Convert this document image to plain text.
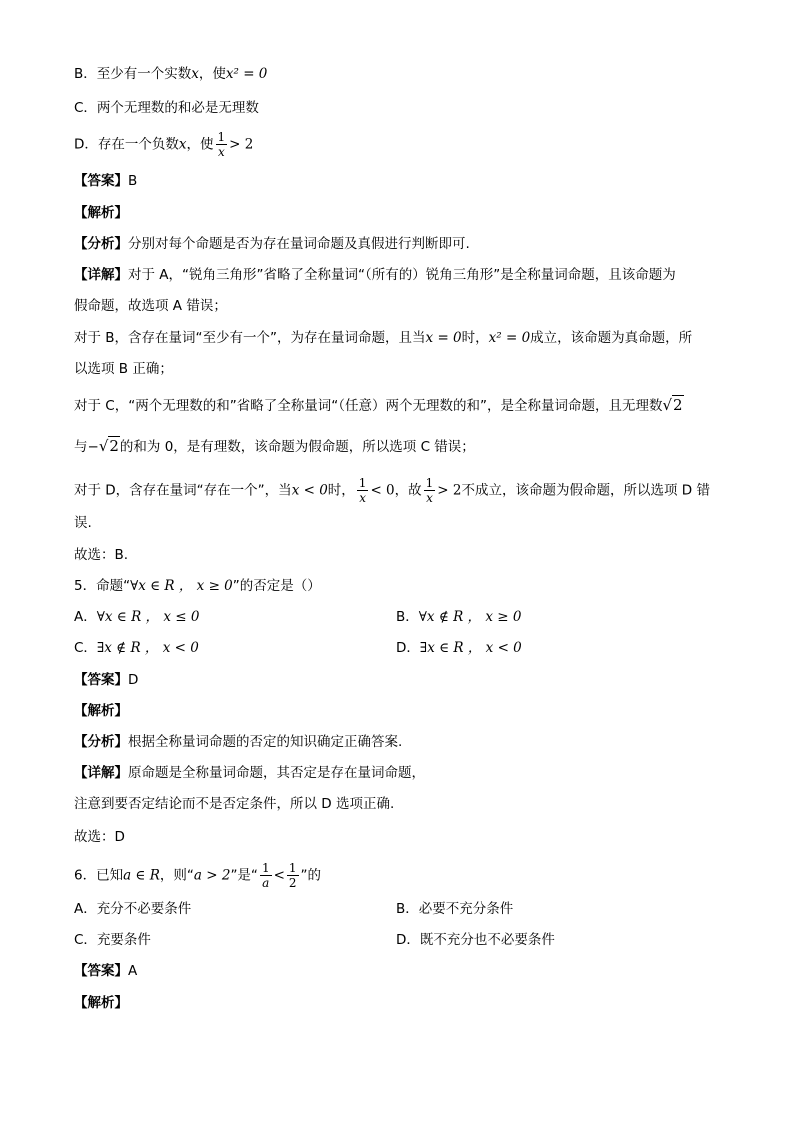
B．至少有一个实数x，使x² = 0
C．两个无理数的和必是无理数
D．存在一个负数x，使 $\frac{1}{x} > 2$
【答案】B
【解析】
【分析】分别对每个命题是否为存在量词命题及真假进行判断即可.
【详解】对于 A，“锐角三角形”省略了全称量词“（所有的）锐角三角形”是全称量词命题，且该命题为
假命题，故选项 A 错误；
对于 B，含存在量词“至少有一个”，为存在量词命题，且当x = 0时，x² = 0成立，该命题为真命题，所
以选项 B 正确；
对于 C，“两个无理数的和”省略了全称量词“（任意）两个无理数的和”，是全称量词命题，且无理数√2
与−√2的和为 0，是有理数，该命题为假命题，所以选项 C 错误；
对于 D，含存在量词“存在一个”，当x < 0时， $\frac{1}{x} < 0$，故 $\frac{1}{x} > 2$不成立，该命题为假命题，所以选项 D 错
误.
故选：B.
5．命题“∀x ∈ R ， x ≥ 0”的否定是（）
A．∀x ∈ R ， x ≤ 0	B．∀x ∉ R ， x ≥ 0
C．∃x ∉ R ， x < 0	D．∃x ∈ R ， x < 0
【答案】D
【解析】
【分析】根据全称量词命题的否定的知识确定正确答案.
【详解】原命题是全称量词命题，其否定是存在量词命题，
注意到要否定结论而不是否定条件，所以 D 选项正确.
故选：D
6．已知a ∈ R，则“a > 2”是“ $\frac{1}{a} < \frac{1}{2}$ ”的
A．充分不必要条件	B．必要不充分条件
C．充要条件	D．既不充分也不必要条件
【答案】A
【解析】
